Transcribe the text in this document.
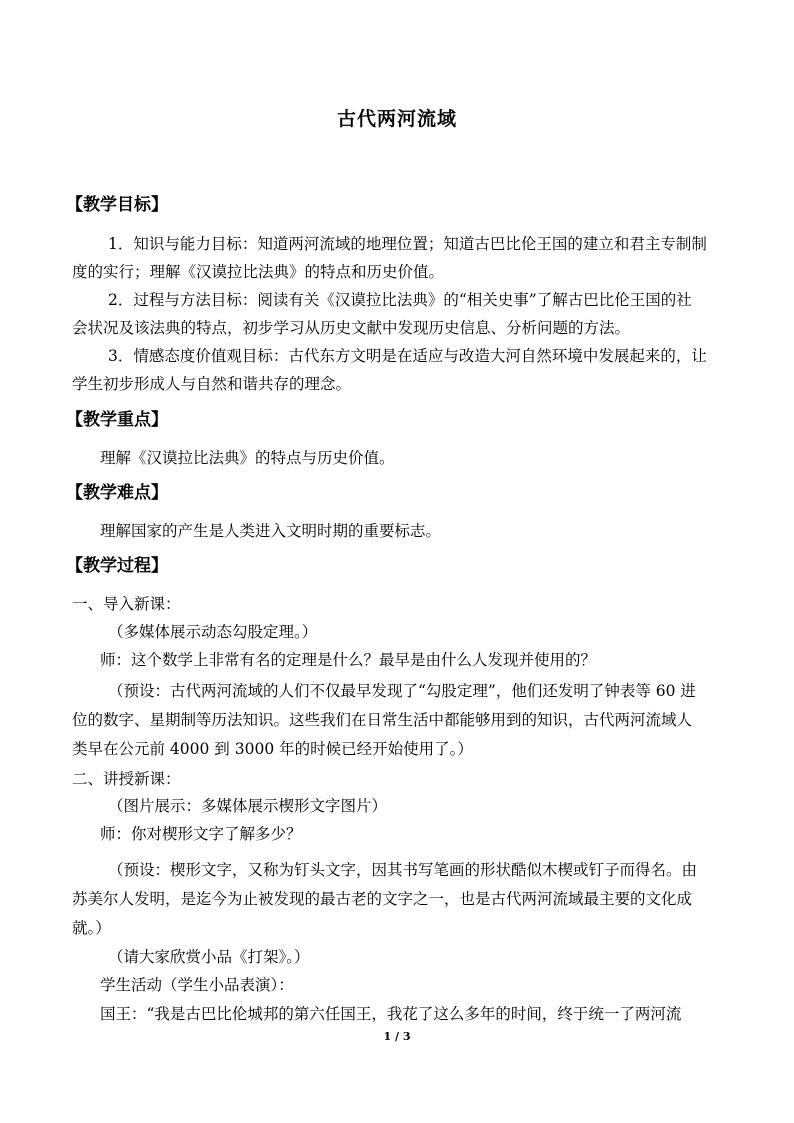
古代两河流域
【教学目标】
1．知识与能力目标：知道两河流域的地理位置；知道古巴比伦王国的建立和君主专制制
度的实行；理解《汉谟拉比法典》的特点和历史价值。
2．过程与方法目标：阅读有关《汉谟拉比法典》的“相关史事”了解古巴比伦王国的社
会状况及该法典的特点，初步学习从历史文献中发现历史信息、分析问题的方法。
3．情感态度价值观目标：古代东方文明是在适应与改造大河自然环境中发展起来的，让
学生初步形成人与自然和谐共存的理念。
【教学重点】
理解《汉谟拉比法典》的特点与历史价值。
【教学难点】
理解国家的产生是人类进入文明时期的重要标志。
【教学过程】
一、导入新课：
（多媒体展示动态勾股定理。）
师：这个数学上非常有名的定理是什么？最早是由什么人发现并使用的？
（预设：古代两河流域的人们不仅最早发现了“勾股定理”，他们还发明了钟表等 60 进
位的数字、星期制等历法知识。这些我们在日常生活中都能够用到的知识，古代两河流域人
类早在公元前 4000 到 3000 年的时候已经开始使用了。）
二、讲授新课：
（图片展示：多媒体展示楔形文字图片）
师：你对楔形文字了解多少？
（预设：楔形文字，又称为钉头文字，因其书写笔画的形状酷似木楔或钉子而得名。由
苏美尔人发明，是迄今为止被发现的最古老的文字之一，也是古代两河流域最主要的文化成
就。）
（请大家欣赏小品《打架》。）
学生活动（学生小品表演）：
国王：“我是古巴比伦城邦的第六任国王，我花了这么多年的时间，终于统一了两河流
1 / 3
